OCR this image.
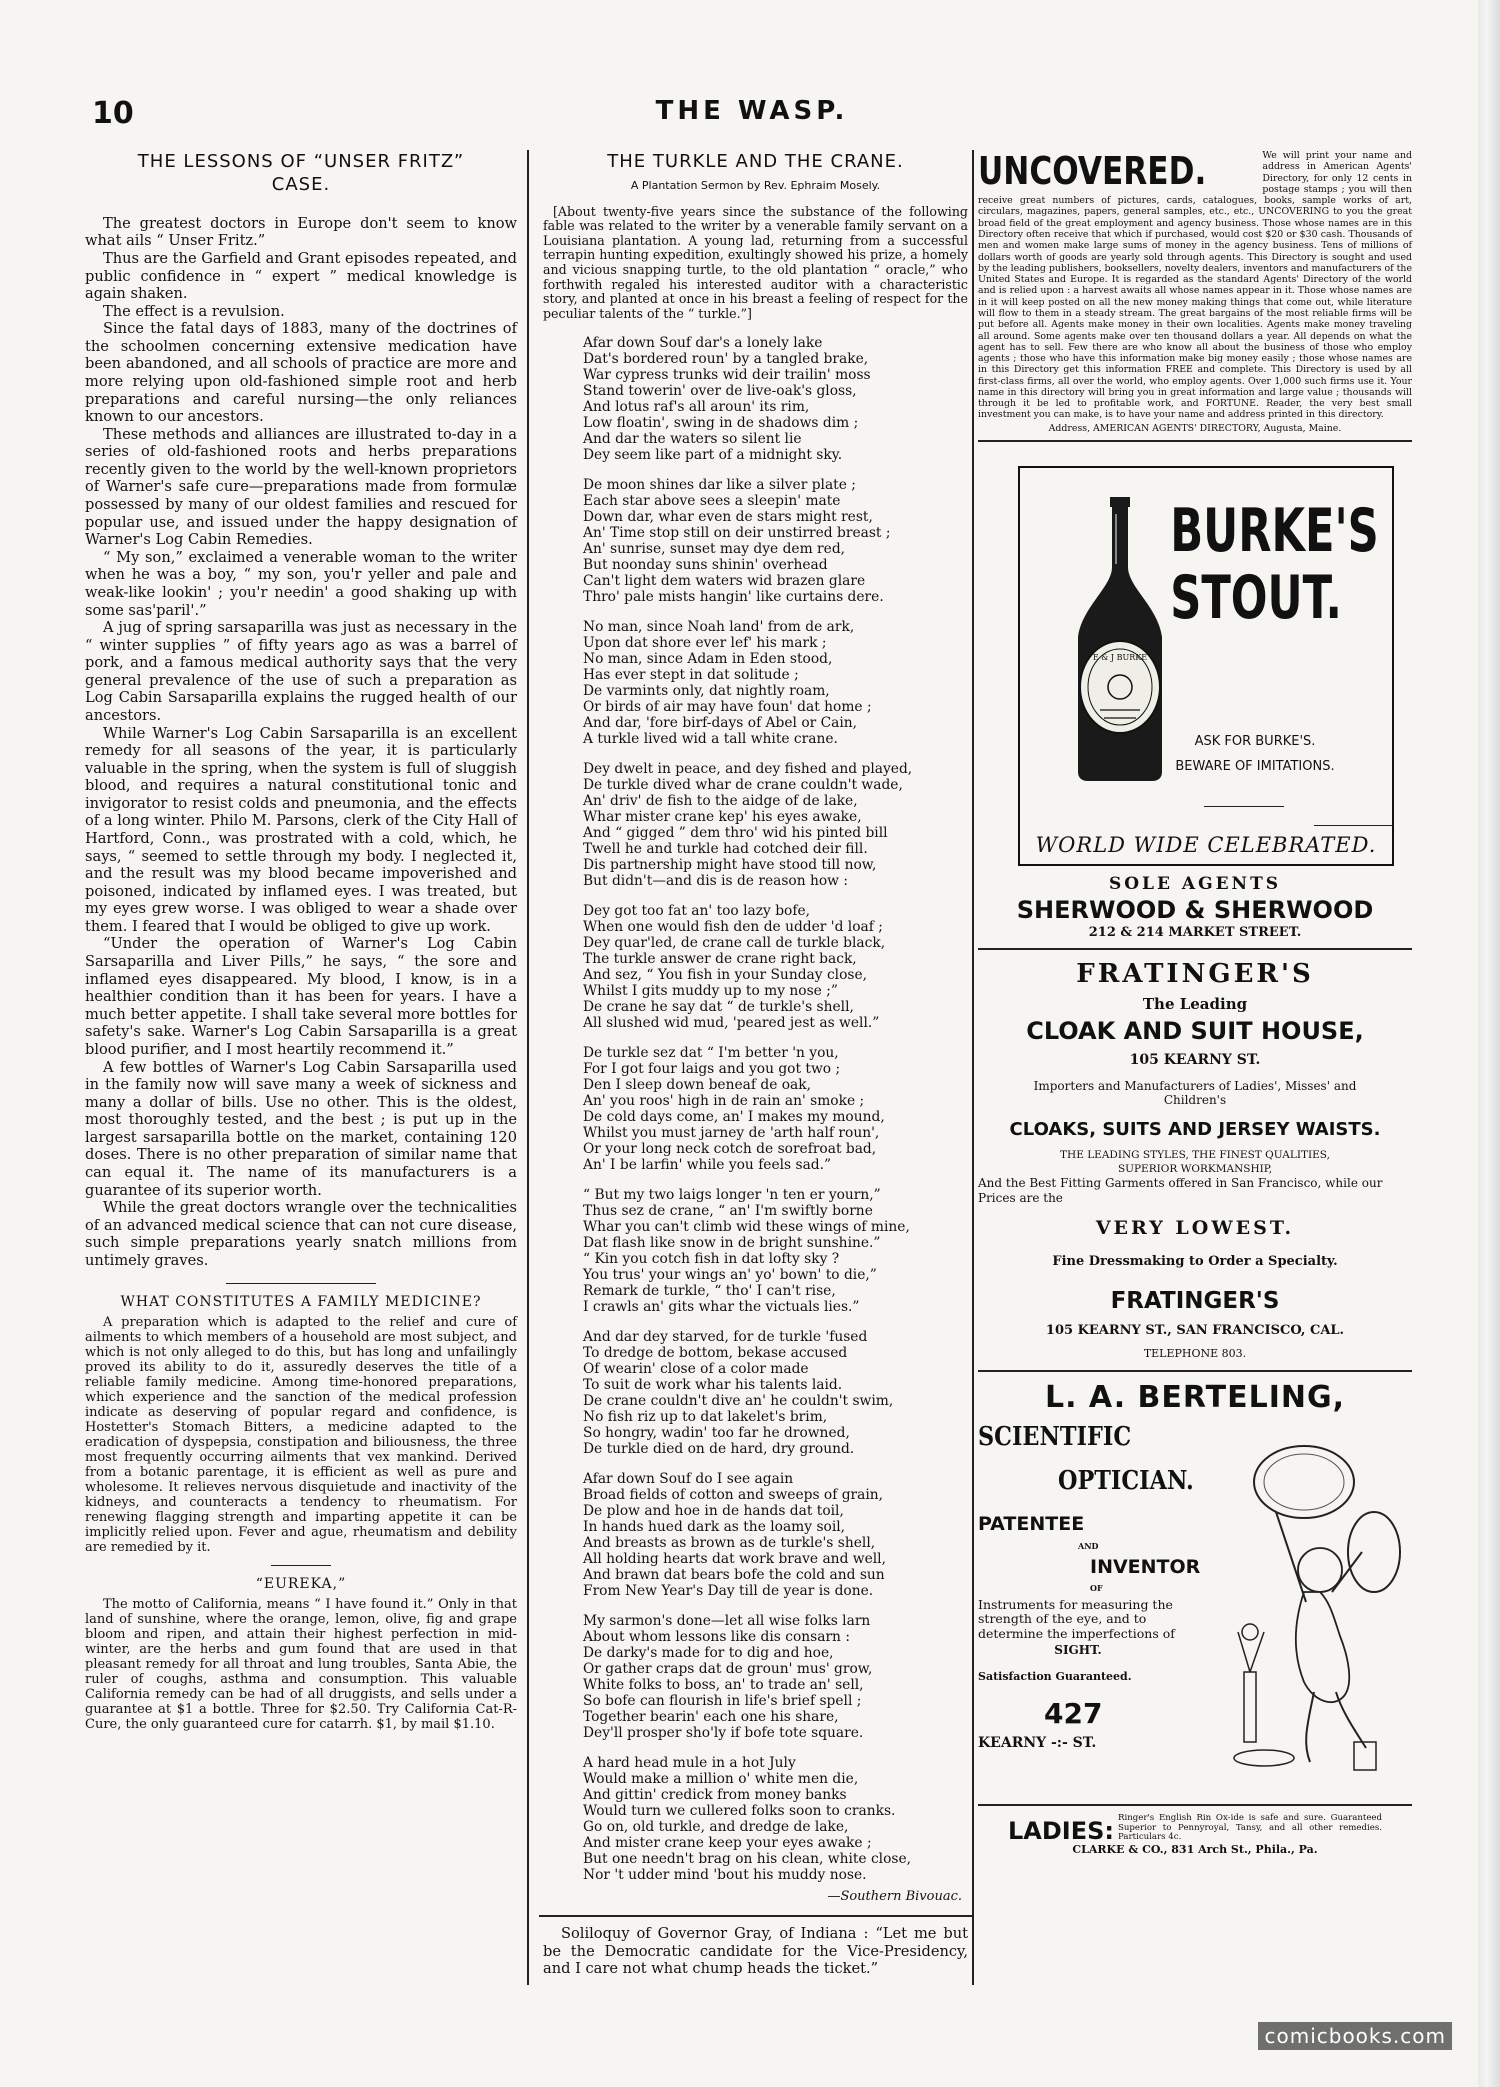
10	THE WASP.
THE LESSONS OF “UNSER FRITZ”
CASE.
The greatest doctors in Europe don't seem to know what ails “ Unser Fritz.”
Thus are the Garfield and Grant episodes repeated, and public confidence in “ expert ” medical knowledge is again shaken.
The effect is a revulsion.
Since the fatal days of 1883, many of the doctrines of the schoolmen concerning extensive medication have been abandoned, and all schools of practice are more and more relying upon old-fashioned simple root and herb preparations and careful nursing—the only reliances known to our ancestors.
These methods and alliances are illustrated to-day in a series of old-fashioned roots and herbs preparations recently given to the world by the well-known proprietors of Warner's safe cure—preparations made from formulæ possessed by many of our oldest families and rescued for popular use, and issued under the happy designation of Warner's Log Cabin Remedies.
“ My son,” exclaimed a venerable woman to the writer when he was a boy, “ my son, you'r yeller and pale and weak-like lookin' ; you'r needin' a good shaking up with some sas'paril'.”
A jug of spring sarsaparilla was just as necessary in the “ winter supplies ” of fifty years ago as was a barrel of pork, and a famous medical authority says that the very general prevalence of the use of such a preparation as Log Cabin Sarsaparilla explains the rugged health of our ancestors.
While Warner's Log Cabin Sarsaparilla is an excellent remedy for all seasons of the year, it is particularly valuable in the spring, when the system is full of sluggish blood, and requires a natural constitutional tonic and invigorator to resist colds and pneumonia, and the effects of a long winter. Philo M. Parsons, clerk of the City Hall of Hartford, Conn., was prostrated with a cold, which, he says, “ seemed to settle through my body. I neglected it, and the result was my blood became impoverished and poisoned, indicated by inflamed eyes. I was treated, but my eyes grew worse. I was obliged to wear a shade over them. I feared that I would be obliged to give up work.
“Under the operation of Warner's Log Cabin Sarsaparilla and Liver Pills,” he says, “ the sore and inflamed eyes disappeared. My blood, I know, is in a healthier condition than it has been for years. I have a much better appetite. I shall take several more bottles for safety's sake. Warner's Log Cabin Sarsaparilla is a great blood purifier, and I most heartily recommend it.”
A few bottles of Warner's Log Cabin Sarsaparilla used in the family now will save many a week of sickness and many a dollar of bills. Use no other. This is the oldest, most thoroughly tested, and the best ; is put up in the largest sarsaparilla bottle on the market, containing 120 doses. There is no other preparation of similar name that can equal it. The name of its manufacturers is a guarantee of its superior worth.
While the great doctors wrangle over the technicalities of an advanced medical science that can not cure disease, such simple preparations yearly snatch millions from untimely graves.
WHAT CONSTITUTES A FAMILY MEDICINE?
A preparation which is adapted to the relief and cure of ailments to which members of a household are most subject, and which is not only alleged to do this, but has long and unfailingly proved its ability to do it, assuredly deserves the title of a reliable family medicine. Among time-honored preparations, which experience and the sanction of the medical profession indicate as deserving of popular regard and confidence, is Hostetter's Stomach Bitters, a medicine adapted to the eradication of dyspepsia, constipation and biliousness, the three most frequently occurring ailments that vex mankind. Derived from a botanic parentage, it is efficient as well as pure and wholesome. It relieves nervous disquietude and inactivity of the kidneys, and counteracts a tendency to rheumatism. For renewing flagging strength and imparting appetite it can be implicitly relied upon. Fever and ague, rheumatism and debility are remedied by it.
“EUREKA,”
The motto of California, means “ I have found it.” Only in that land of sunshine, where the orange, lemon, olive, fig and grape bloom and ripen, and attain their highest perfection in mid-winter, are the herbs and gum found that are used in that pleasant remedy for all throat and lung troubles, Santa Abie, the ruler of coughs, asthma and consumption. This valuable California remedy can be had of all druggists, and sells under a guarantee at $1 a bottle. Three for $2.50. Try California Cat-R-Cure, the only guaranteed cure for catarrh. $1, by mail $1.10.
THE TURKLE AND THE CRANE.
A Plantation Sermon by Rev. Ephraim Mosely.
[About twenty-five years since the substance of the following fable was related to the writer by a venerable family servant on a Louisiana plantation. A young lad, returning from a successful terrapin hunting expedition, exultingly showed his prize, a homely and vicious snapping turtle, to the old plantation “ oracle,” who forthwith regaled his interested auditor with a characteristic story, and planted at once in his breast a feeling of respect for the peculiar talents of the “ turkle.”]
Afar down Souf dar's a lonely lake
Dat's bordered roun' by a tangled brake,
War cypress trunks wid deir trailin' moss
Stand towerin' over de live-oak's gloss,
And lotus raf's all aroun' its rim,
Low floatin', swing in de shadows dim ;
And dar the waters so silent lie
Dey seem like part of a midnight sky.
De moon shines dar like a silver plate ;
Each star above sees a sleepin' mate
Down dar, whar even de stars might rest,
An' Time stop still on deir unstirred breast ;
An' sunrise, sunset may dye dem red,
But noonday suns shinin' overhead
Can't light dem waters wid brazen glare
Thro' pale mists hangin' like curtains dere.
No man, since Noah land' from de ark,
Upon dat shore ever lef' his mark ;
No man, since Adam in Eden stood,
Has ever stept in dat solitude ;
De varmints only, dat nightly roam,
Or birds of air may have foun' dat home ;
And dar, 'fore birf-days of Abel or Cain,
A turkle lived wid a tall white crane.
Dey dwelt in peace, and dey fished and played,
De turkle dived whar de crane couldn't wade,
An' driv' de fish to the aidge of de lake,
Whar mister crane kep' his eyes awake,
And “ gigged ” dem thro' wid his pinted bill
Twell he and turkle had cotched deir fill.
Dis partnership might have stood till now,
But didn't—and dis is de reason how :
Dey got too fat an' too lazy bofe,
When one would fish den de udder 'd loaf ;
Dey quar'led, de crane call de turkle black,
The turkle answer de crane right back,
And sez, “ You fish in your Sunday close,
Whilst I gits muddy up to my nose ;”
De crane he say dat “ de turkle's shell,
All slushed wid mud, 'peared jest as well.”
De turkle sez dat “ I'm better 'n you,
For I got four laigs and you got two ;
Den I sleep down beneaf de oak,
An' you roos' high in de rain an' smoke ;
De cold days come, an' I makes my mound,
Whilst you must jarney de 'arth half roun',
Or your long neck cotch de sorefroat bad,
An' I be larfin' while you feels sad.”
“ But my two laigs longer 'n ten er yourn,”
Thus sez de crane, “ an' I'm swiftly borne
Whar you can't climb wid these wings of mine,
Dat flash like snow in de bright sunshine.”
“ Kin you cotch fish in dat lofty sky ?
You trus' your wings an' yo' bown' to die,”
Remark de turkle, “ tho' I can't rise,
I crawls an' gits whar the victuals lies.”
And dar dey starved, for de turkle 'fused
To dredge de bottom, bekase accused
Of wearin' close of a color made
To suit de work whar his talents laid.
De crane couldn't dive an' he couldn't swim,
No fish riz up to dat lakelet's brim,
So hongry, wadin' too far he drowned,
De turkle died on de hard, dry ground.
Afar down Souf do I see again
Broad fields of cotton and sweeps of grain,
De plow and hoe in de hands dat toil,
In hands hued dark as the loamy soil,
And breasts as brown as de turkle's shell,
All holding hearts dat work brave and well,
And brawn dat bears bofe the cold and sun
From New Year's Day till de year is done.
My sarmon's done—let all wise folks larn
About whom lessons like dis consarn :
De darky's made for to dig and hoe,
Or gather craps dat de groun' mus' grow,
White folks to boss, an' to trade an' sell,
So bofe can flourish in life's brief spell ;
Together bearin' each one his share,
Dey'll prosper sho'ly if bofe tote square.
A hard head mule in a hot July
Would make a million o' white men die,
And gittin' credick from money banks
Would turn we cullered folks soon to cranks.
Go on, old turkle, and dredge de lake,
And mister crane keep your eyes awake ;
But one needn't brag on his clean, white close,
Nor 't udder mind 'bout his muddy nose.
—Southern Bivouac.
Soliloquy of Governor Gray, of Indiana : “Let me but be the Democratic candidate for the Vice-Presidency, and I care not what chump heads the ticket.”
UNCOVERED.	We will print your name and address in American Agents' Directory, for only 12 cents in postage stamps ; you will then receive great numbers of pictures, cards, catalogues, books, sample works of art, circulars, magazines, papers, general samples, etc., etc., UNCOVERING to you the great broad field of the great employment and agency business. Those whose names are in this Directory often receive that which if purchased, would cost $20 or $30 cash. Thousands of men and women make large sums of money in the agency business. Tens of millions of dollars worth of goods are yearly sold through agents. This Directory is sought and used by the leading publishers, booksellers, novelty dealers, inventors and manufacturers of the United States and Europe. It is regarded as the standard Agents' Directory of the world and is relied upon : a harvest awaits all whose names appear in it. Those whose names are in it will keep posted on all the new money making things that come out, while literature will flow to them in a steady stream. The great bargains of the most reliable firms will be put before all. Agents make money in their own localities. Agents make money traveling all around. Some agents make over ten thousand dollars a year. All depends on what the agent has to sell. Few there are who know all about the business of those who employ agents ; those who have this information make big money easily ; those whose names are in this Directory get this information FREE and complete. This Directory is used by all first-class firms, all over the world, who employ agents. Over 1,000 such firms use it. Your name in this directory will bring you in great information and large value ; thousands will through it be led to profitable work, and FORTUNE. Reader, the very best small investment you can make, is to have your name and address printed in this directory.
Address, AMERICAN AGENTS' DIRECTORY, Augusta, Maine.
E & J BURKE
BURKE'S
STOUT.
ASK FOR BURKE'S.
BEWARE OF IMITATIONS.
WORLD WIDE CELEBRATED.
SOLE AGENTS
SHERWOOD & SHERWOOD
212 & 214 MARKET STREET.
FRATINGER'S
The Leading
CLOAK AND SUIT HOUSE,
105 KEARNY ST.
Importers and Manufacturers of Ladies', Misses' and Children's
CLOAKS, SUITS AND JERSEY WAISTS.
THE LEADING STYLES, THE FINEST QUALITIES, SUPERIOR WORKMANSHIP,
And the Best Fitting Garments offered in San Francisco, while our Prices are the
VERY LOWEST.
Fine Dressmaking to Order a Specialty.
FRATINGER'S
105 KEARNY ST., SAN FRANCISCO, CAL.
TELEPHONE 803.
L. A. BERTELING,
SCIENTIFIC
OPTICIAN.
PATENTEE
AND
INVENTOR
OF
Instruments for measuring the strength of the eye, and to determine the imperfections of
SIGHT.
Satisfaction Guaranteed.
427
KEARNY -:- ST.
LADIES: Ringer's English Rin Ox-ide is safe and sure. Guaranteed Superior to Pennyroyal, Tansy, and all other remedies. Particulars 4c.
CLARKE & CO., 831 Arch St., Phila., Pa.
comicbooks.com
